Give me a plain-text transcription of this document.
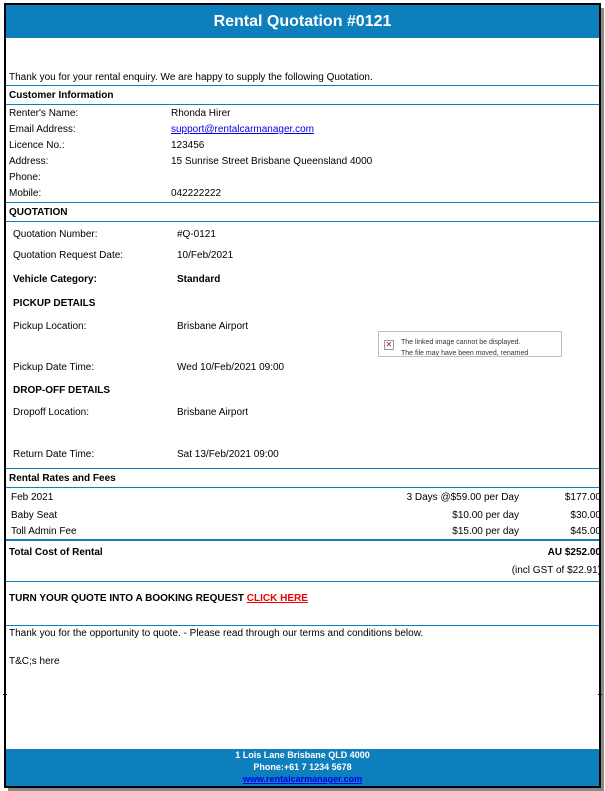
Rental Quotation #0121
Thank you for your rental enquiry. We are happy to supply the following Quotation.
Customer Information
Renter's Name:	Rhonda Hirer
Email Address:	support@rentalcarmanager.com
Licence No.:	123456
Address:	15 Sunrise Street Brisbane Queensland 4000
Phone:
Mobile:	042222222
QUOTATION
Quotation Number:	#Q-0121
Quotation Request Date:	10/Feb/2021
Vehicle Category:	Standard
PICKUP DETAILS
Pickup Location:	Brisbane Airport
✕ The linked image cannot be displayed.
The file may have been moved, renamed
Pickup Date Time:	Wed 10/Feb/2021 09:00
DROP-OFF DETAILS
Dropoff Location:	Brisbane Airport
Return Date Time:	Sat 13/Feb/2021 09:00
Rental Rates and Fees
Feb 2021	3 Days @$59.00 per Day	$177.00
Baby Seat	$10.00 per day	$30.00
Toll Admin Fee	$15.00 per day	$45.00
Total Cost of Rental	AU $252.00
(incl GST of $22.91)
TURN YOUR QUOTE INTO A BOOKING REQUEST CLICK HERE
Thank you for the opportunity to quote. - Please read through our terms and conditions below.
T&C;s here
1 Lois Lane Brisbane QLD 4000
Phone:+61 7 1234 5678
www.rentalcarmanager.com
